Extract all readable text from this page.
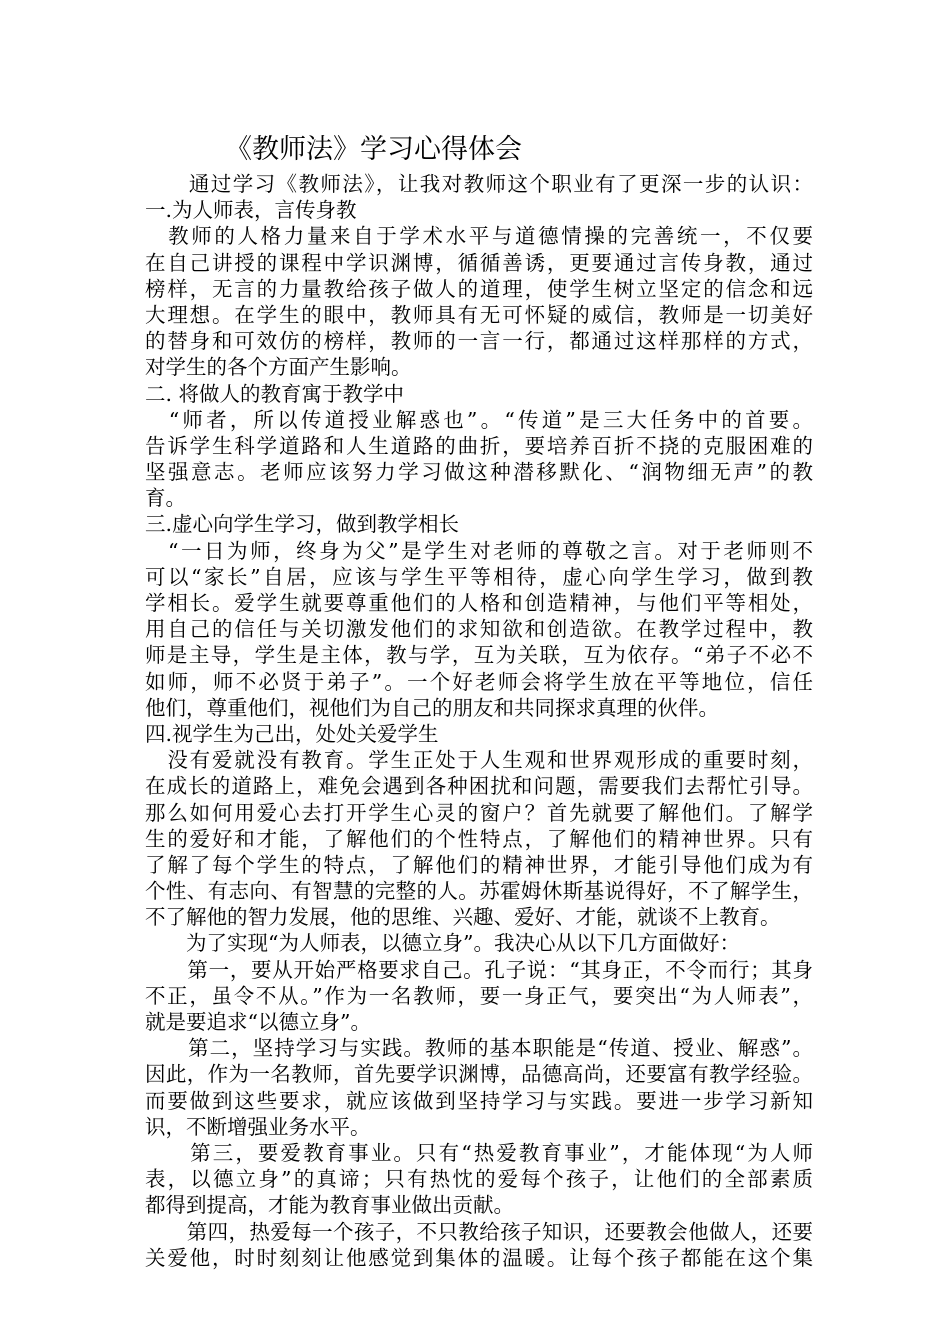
《教师法》学习心得体会
　　通过学习《教师法》，让我对教师这个职业有了更深一步的认识：
一.为人师表，言传身教
　教师的人格力量来自于学术水平与道德情操的完善统一，不仅要
在自己讲授的课程中学识渊博，循循善诱，更要通过言传身教，通过
榜样，无言的力量教给孩子做人的道理，使学生树立坚定的信念和远
大理想。在学生的眼中，教师具有无可怀疑的威信，教师是一切美好
的替身和可效仿的榜样，教师的一言一行，都通过这样那样的方式，
对学生的各个方面产生影响。
二. 将做人的教育寓于教学中
　“师者，所以传道授业解惑也”。“传道”是三大任务中的首要。
告诉学生科学道路和人生道路的曲折，要培养百折不挠的克服困难的
坚强意志。老师应该努力学习做这种潜移默化、“润物细无声”的教
育。
三.虚心向学生学习，做到教学相长
　“一日为师，终身为父”是学生对老师的尊敬之言。对于老师则不
可以“家长”自居，应该与学生平等相待，虚心向学生学习，做到教
学相长。爱学生就要尊重他们的人格和创造精神，与他们平等相处，
用自己的信任与关切激发他们的求知欲和创造欲。在教学过程中，教
师是主导，学生是主体，教与学，互为关联，互为依存。“弟子不必不
如师，师不必贤于弟子”。一个好老师会将学生放在平等地位，信任
他们，尊重他们，视他们为自己的朋友和共同探求真理的伙伴。
四.视学生为己出，处处关爱学生
　没有爱就没有教育。学生正处于人生观和世界观形成的重要时刻，
在成长的道路上，难免会遇到各种困扰和问题，需要我们去帮忙引导。
那么如何用爱心去打开学生心灵的窗户？首先就要了解他们。了解学
生的爱好和才能，了解他们的个性特点，了解他们的精神世界。只有
了解了每个学生的特点，了解他们的精神世界，才能引导他们成为有
个性、有志向、有智慧的完整的人。苏霍姆休斯基说得好，不了解学生，
不了解他的智力发展，他的思维、兴趣、爱好、才能，就谈不上教育。
　　为了实现“为人师表，以德立身”。我决心从以下几方面做好：
　　第一，要从开始严格要求自己。孔子说：“其身正，不令而行；其身
不正，虽令不从。”作为一名教师，要一身正气，要突出“为人师表”，
就是要追求“以德立身”。
　　第二，坚持学习与实践。教师的基本职能是“传道、授业、解惑”。
因此，作为一名教师，首先要学识渊博，品德高尚，还要富有教学经验。
而要做到这些要求，就应该做到坚持学习与实践。要进一步学习新知
识，不断增强业务水平。
　　第三，要爱教育事业。只有“热爱教育事业”，才能体现“为人师
表，以德立身”的真谛；只有热忱的爱每个孩子，让他们的全部素质
都得到提高，才能为教育事业做出贡献。
　　第四，热爱每一个孩子，不只教给孩子知识，还要教会他做人，还要
关爱他，时时刻刻让他感觉到集体的温暖。让每个孩子都能在这个集
